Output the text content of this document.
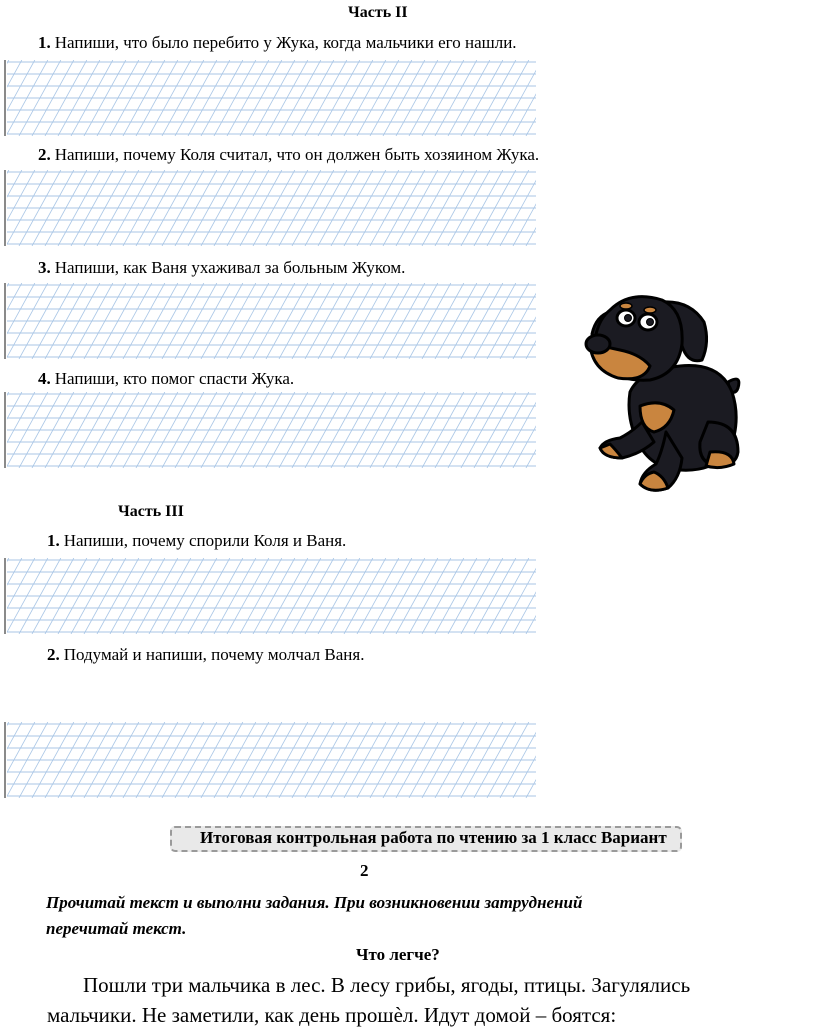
Часть II
1. Напиши, что было перебито у Жука, когда мальчики его нашли.
2. Напиши, почему Коля считал, что он должен быть хозяином Жука.
3. Напиши, как Ваня ухаживал за больным Жуком.
4. Напиши, кто помог спасти Жука.
Часть III
1. Напиши, почему спорили Коля и Ваня.
2. Подумай и напиши, почему молчал Ваня.
Итоговая контрольная работа по чтению за 1 класс Вариант
2
Прочитай текст и выполни задания. При возникновении затруднений
перечитай текст.
Что легче?
Пошли три мальчика в лес. В лесу грибы, ягоды, птицы. Загулялись
мальчики. Не заметили, как день прошѐл. Идут домой – боятся:
